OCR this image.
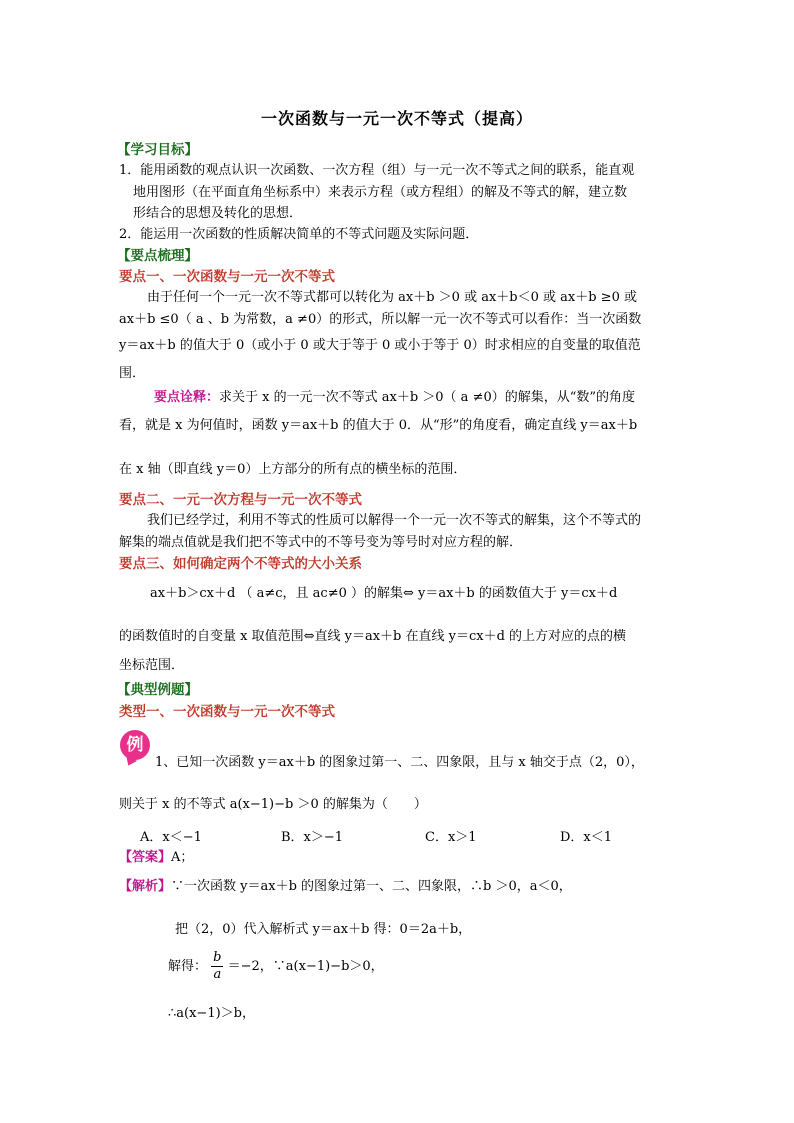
一次函数与一元一次不等式（提高）
【学习目标】
1．能用函数的观点认识一次函数、一次方程（组）与一元一次不等式之间的联系，能直观
地用图形（在平面直角坐标系中）来表示方程（或方程组）的解及不等式的解，建立数
形结合的思想及转化的思想．
2．能运用一次函数的性质解决简单的不等式问题及实际问题．
【要点梳理】
要点一、一次函数与一元一次不等式
由于任何一个一元一次不等式都可以转化为 ax＋b ＞0 或 ax＋b＜0 或 ax＋b ≥0 或
ax＋b ≤0（ a 、b 为常数，a ≠0）的形式，所以解一元一次不等式可以看作：当一次函数
y＝ax＋b 的值大于 0（或小于 0 或大于等于 0 或小于等于 0）时求相应的自变量的取值范
围．
要点诠释：求关于 x 的一元一次不等式 ax＋b ＞0（ a ≠0）的解集，从“数”的角度
看，就是 x 为何值时，函数 y＝ax＋b 的值大于 0．从“形”的角度看，确定直线 y＝ax＋b
在 x 轴（即直线 y＝0）上方部分的所有点的横坐标的范围．
要点二、一元一次方程与一元一次不等式
我们已经学过，利用不等式的性质可以解得一个一元一次不等式的解集，这个不等式的
解集的端点值就是我们把不等式中的不等号变为等号时对应方程的解．
要点三、如何确定两个不等式的大小关系
ax＋b＞cx＋d （ a≠c，且 ac≠0 ）的解集⇔ y＝ax＋b 的函数值大于 y＝cx＋d
的函数值时的自变量 x 取值范围⇔直线 y＝ax＋b 在直线 y＝cx＋d 的上方对应的点的横
坐标范围．
【典型例题】
类型一、一次函数与一元一次不等式
例
1、已知一次函数 y＝ax＋b 的图象过第一、二、四象限，且与 x 轴交于点（2，0），
则关于 x 的不等式 a(x−1)−b ＞0 的解集为（　　）
A．x＜−1	B．x＞−1	C．x＞1	D．x＜1
【答案】A；
【解析】∵一次函数 y＝ax＋b 的图象过第一、二、四象限，∴b ＞0，a＜0，
把（2，0）代入解析式 y＝ax＋b 得：0＝2a＋b，
解得： $\frac{b}{a} =-2$，∵a(x−1)−b＞0，
∴a(x−1)＞b，
